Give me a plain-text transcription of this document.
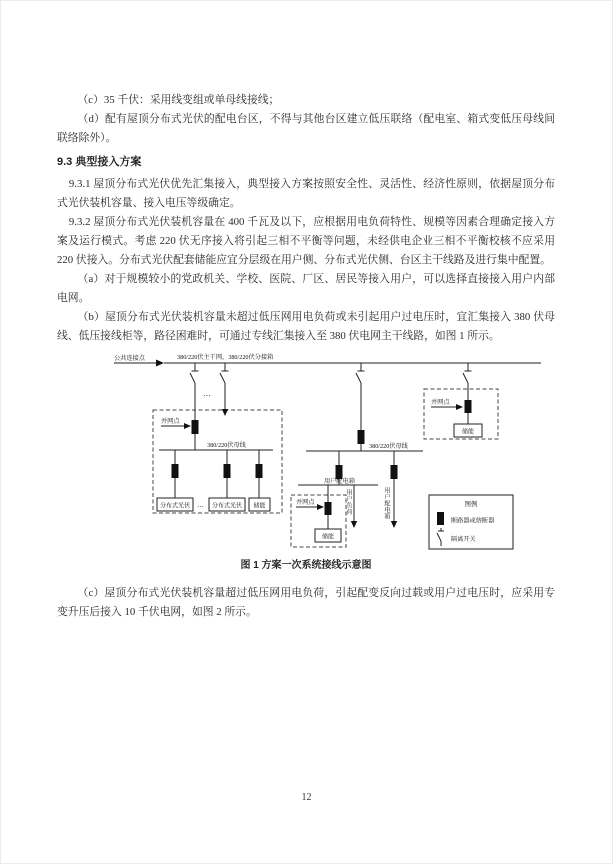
（c）35 千伏：采用线变组或单母线接线；

（d）配有屋顶分布式光伏的配电台区，不得与其他台区建立低压联络（配电室、箱式变低压母线间联络除外）。

9.3 典型接入方案

9.3.1 屋顶分布式光伏优先汇集接入，典型接入方案按照安全性、灵活性、经济性原则，依据屋顶分布式光伏装机容量、接入电压等级确定。

9.3.2 屋顶分布式光伏装机容量在 400 千瓦及以下，应根据用电负荷特性、规模等因素合理确定接入方案及运行模式。考虑 220 伏无序接入将引起三相不平衡等问题，未经供电企业三相不平衡校核不应采用 220 伏接入。分布式光伏配套储能应宜分层级在用户侧、分布式光伏侧、台区主干线路及进行集中配置。

（a）对于规模较小的党政机关、学校、医院、厂区、居民等接入用户，可以选择直接接入用户内部电网。

（b）屋顶分布式光伏装机容量未超过低压网用电负荷或未引起用户过电压时，宜汇集接入 380 伏母线、低压接线柜等，路径困难时，可通过专线汇集接入至 380 伏电网主干线路，如图 1 所示。

公共连接点	380/220伏主干网，380/220伏分接箱
…
并网点
380/220伏母线
分布式光伏 … 分布式光伏 储能
380/220伏母线
用户配电箱
并网点
储能
并网点
储能
图例
断路器或熔断器
隔离开关
用户负荷	用户配电箱
图 1 方案一次系统接线示意图

（c）屋顶分布式光伏装机容量超过低压网用电负荷，引起配变反向过载或用户过电压时，应采用专变升压后接入 10 千伏电网，如图 2 所示。

12
